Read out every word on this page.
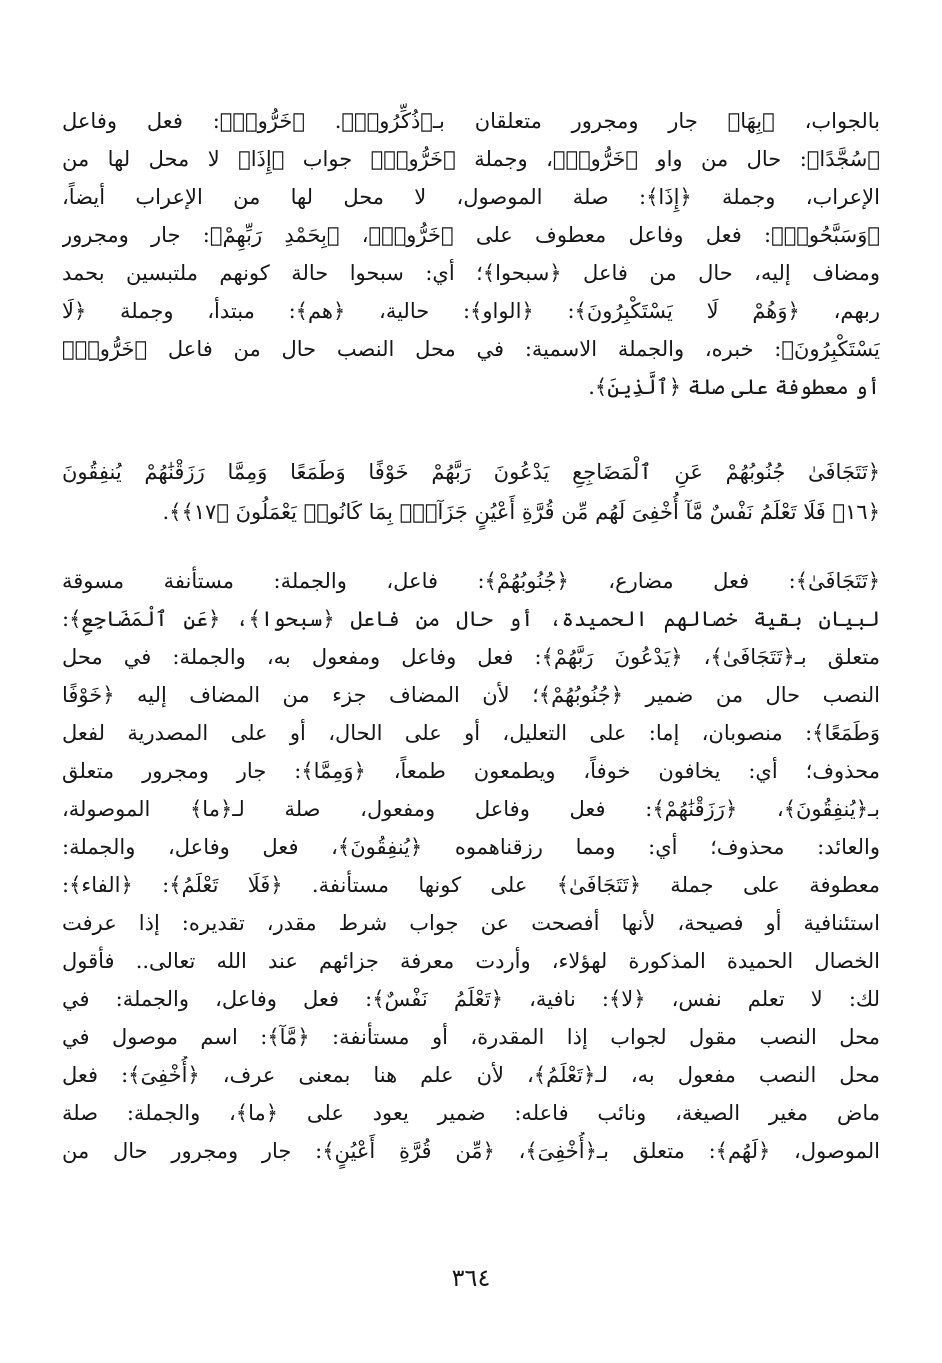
بالجواب، ﴿بِهَا﴾ جار ومجرور متعلقان بـ﴿ذُكِّرُوا۟﴾. ﴿خَرُّوا۟﴾: فعل وفاعل
﴿سُجَّدًا﴾: حال من واو ﴿خَرُّوا۟﴾، وجملة ﴿خَرُّوا۟﴾ جواب ﴿إِذَا﴾ لا محل لها من
الإعراب، وجملة ﴿إِذَا﴾: صلة الموصول، لا محل لها من الإعراب أيضاً،
﴿وَسَبَّحُوا۟﴾: فعل وفاعل معطوف على ﴿خَرُّوا۟﴾، ﴿بِحَمْدِ رَبِّهِمْ﴾: جار ومجرور
ومضاف إليه، حال من فاعل ﴿سبحوا﴾؛ أي: سبحوا حالة كونهم ملتبسين بحمد
ربهم، ﴿وَهُمْ لَا يَسْتَكْبِرُونَ﴾: ﴿الواو﴾: حالية، ﴿هم﴾: مبتدأ، وجملة ﴿لَا
يَسْتَكْبِرُونَ﴾: خبره، والجملة الاسمية: في محل النصب حال من فاعل ﴿خَرُّوا۟﴾
أو معطوفة على صلة ﴿ٱلَّذِينَ﴾.
﴿تَتَجَافَىٰ جُنُوبُهُمْ عَنِ ٱلْمَضَاجِعِ يَدْعُونَ رَبَّهُمْ خَوْفًا وَطَمَعًا وَمِمَّا رَزَقْنَٰهُمْ يُنفِقُونَ
﴿١٦﴾ فَلَا تَعْلَمُ نَفْسٌ مَّآ أُخْفِىَ لَهُم مِّن قُرَّةِ أَعْيُنٍ جَزَآءًۢ بِمَا كَانُوا۟ يَعْمَلُونَ ﴿١٧﴾﴾.
﴿تَتَجَافَىٰ﴾: فعل مضارع، ﴿جُنُوبُهُمْ﴾: فاعل، والجملة: مستأنفة مسوقة
لبيان بقية خصالهم الحميدة، أو حال من فاعل ﴿سبحوا﴾، ﴿عَنِ ٱلْمَضَاجِعِ﴾:
متعلق بـ﴿تَتَجَافَىٰ﴾، ﴿يَدْعُونَ رَبَّهُمْ﴾: فعل وفاعل ومفعول به، والجملة: في محل
النصب حال من ضمير ﴿جُنُوبُهُمْ﴾؛ لأن المضاف جزء من المضاف إليه ﴿خَوْفًا
وَطَمَعًا﴾: منصوبان، إما: على التعليل، أو على الحال، أو على المصدرية لفعل
محذوف؛ أي: يخافون خوفاً، ويطمعون طمعاً، ﴿وَمِمَّا﴾: جار ومجرور متعلق
بـ﴿يُنفِقُونَ﴾، ﴿رَزَقْنَٰهُمْ﴾: فعل وفاعل ومفعول، صلة لـ﴿ما﴾ الموصولة،
والعائد: محذوف؛ أي: ومما رزقناهموه ﴿يُنفِقُونَ﴾، فعل وفاعل، والجملة:
معطوفة على جملة ﴿تَتَجَافَىٰ﴾ على كونها مستأنفة. ﴿فَلَا تَعْلَمُ﴾: ﴿الفاء﴾:
استئنافية أو فصيحة، لأنها أفصحت عن جواب شرط مقدر، تقديره: إذا عرفت
الخصال الحميدة المذكورة لهؤلاء، وأردت معرفة جزائهم عند الله تعالى.. فأقول
لك: لا تعلم نفس، ﴿لا﴾: نافية، ﴿تَعْلَمُ نَفْسٌ﴾: فعل وفاعل، والجملة: في
محل النصب مقول لجواب إذا المقدرة، أو مستأنفة: ﴿مَّآ﴾: اسم موصول في
محل النصب مفعول به، لـ﴿تَعْلَمُ﴾، لأن علم هنا بمعنى عرف، ﴿أُخْفِىَ﴾: فعل
ماض مغير الصيغة، ونائب فاعله: ضمير يعود على ﴿ما﴾، والجملة: صلة
الموصول، ﴿لَهُم﴾: متعلق بـ﴿أُخْفِىَ﴾، ﴿مِّن قُرَّةِ أَعْيُنٍ﴾: جار ومجرور حال من
٣٦٤
